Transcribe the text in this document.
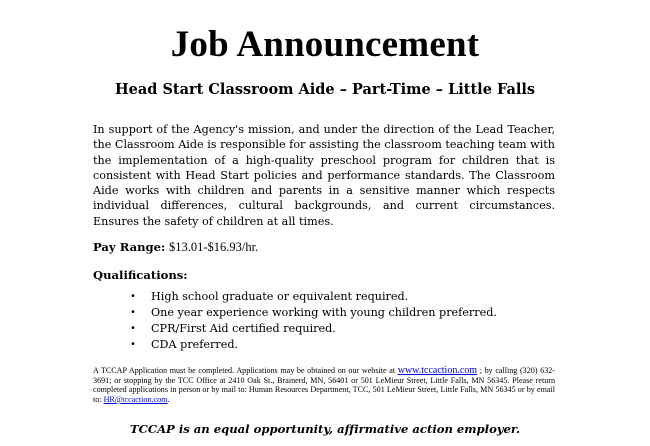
Job Announcement
Head Start Classroom Aide – Part-Time – Little Falls

In support of the Agency's mission, and under the direction of the Lead Teacher, the Classroom Aide is responsible for assisting the classroom teaching team with the implementation of a high-quality preschool program for children that is consistent with Head Start policies and performance standards. The Classroom Aide works with children and parents in a sensitive manner which respects individual differences, cultural backgrounds, and current circumstances. Ensures the safety of children at all times.

Pay Range: $13.01-$16.93/hr.
Qualifications:
• High school graduate or equivalent required.
• One year experience working with young children preferred.
• CPR/First Aid certified required.
• CDA preferred.

A TCCAP Application must be completed. Applications may be obtained on our website at www.tccaction.com ; by calling (320) 632-3691; or stopping by the TCC Office at 2410 Oak St., Brainerd, MN, 56401 or 501 LeMieur Street, Little Falls, MN 56345. Please return completed applications in person or by mail to: Human Resources Department, TCC, 501 LeMieur Street, Little Falls, MN 56345 or by email to: HR@tccaction.com.

TCCAP is an equal opportunity, affirmative action employer.
